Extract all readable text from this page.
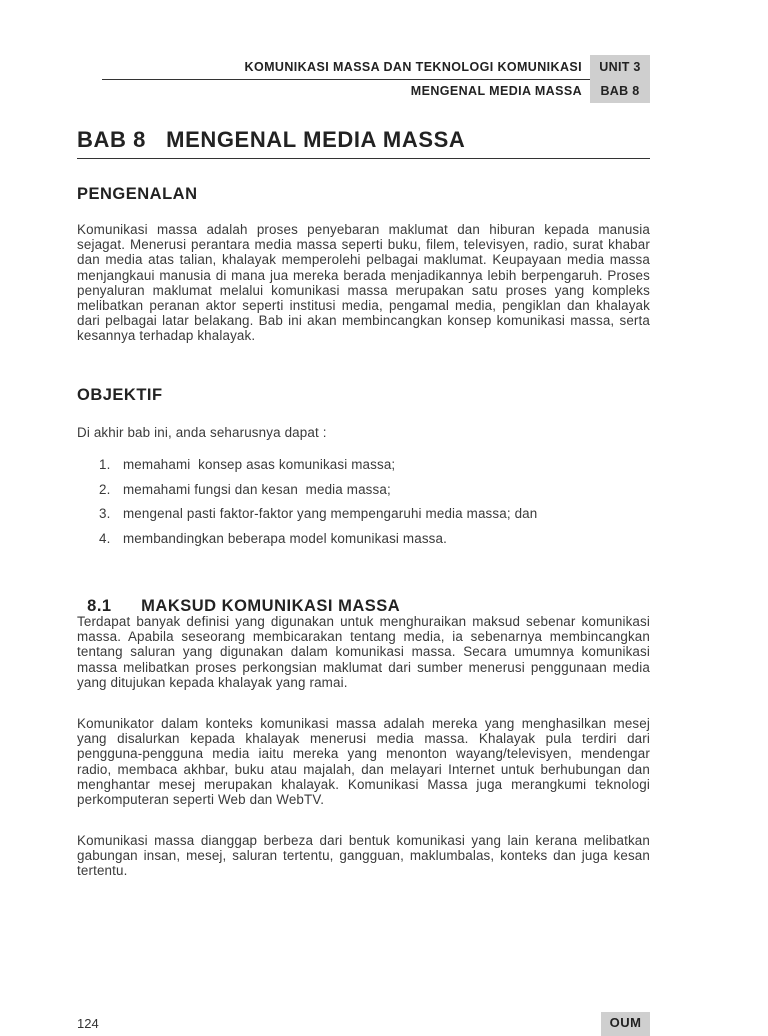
KOMUNIKASI MASSA DAN TEKNOLOGI KOMUNIKASI	UNIT 3
MENGENAL MEDIA MASSA	BAB 8
BAB 8   MENGENAL MEDIA MASSA
PENGENALAN

Komunikasi massa adalah proses penyebaran maklumat dan hiburan kepada manusia sejagat. Menerusi perantara media massa seperti buku, filem, televisyen, radio, surat khabar dan media atas talian, khalayak memperolehi pelbagai maklumat. Keupayaan media massa menjangkaui manusia di mana jua mereka berada menjadikannya lebih berpengaruh. Proses penyaluran maklumat melalui komunikasi massa merupakan satu proses yang kompleks melibatkan peranan aktor seperti institusi media, pengamal media, pengiklan dan khalayak dari pelbagai latar belakang. Bab ini akan membincangkan konsep komunikasi massa, serta kesannya terhadap khalayak.

OBJEKTIF

Di akhir bab ini, anda seharusnya dapat :

1. memahami  konsep asas komunikasi massa;
2. memahami fungsi dan kesan  media massa;
3. mengenal pasti faktor-faktor yang mempengaruhi media massa; dan
4. membandingkan beberapa model komunikasi massa.

8.1 MAKSUD KOMUNIKASI MASSA

Terdapat banyak definisi yang digunakan untuk menghuraikan maksud sebenar komunikasi massa. Apabila seseorang membicarakan tentang media, ia sebenarnya membincangkan tentang saluran yang digunakan dalam komunikasi massa. Secara umumnya komunikasi massa melibatkan proses perkongsian maklumat dari sumber menerusi penggunaan media yang ditujukan kepada khalayak yang ramai.

Komunikator dalam konteks komunikasi massa adalah mereka yang menghasilkan mesej yang disalurkan kepada khalayak menerusi media massa. Khalayak pula terdiri dari pengguna-pengguna media iaitu mereka yang menonton wayang/televisyen, mendengar radio, membaca akhbar, buku atau majalah, dan melayari Internet untuk berhubungan dan menghantar mesej merupakan khalayak. Komunikasi Massa juga merangkumi teknologi perkomputeran seperti Web dan WebTV.

Komunikasi massa dianggap berbeza dari bentuk komunikasi yang lain kerana melibatkan gabungan insan, mesej, saluran tertentu, gangguan, maklumbalas, konteks dan juga kesan tertentu.

124	OUM
